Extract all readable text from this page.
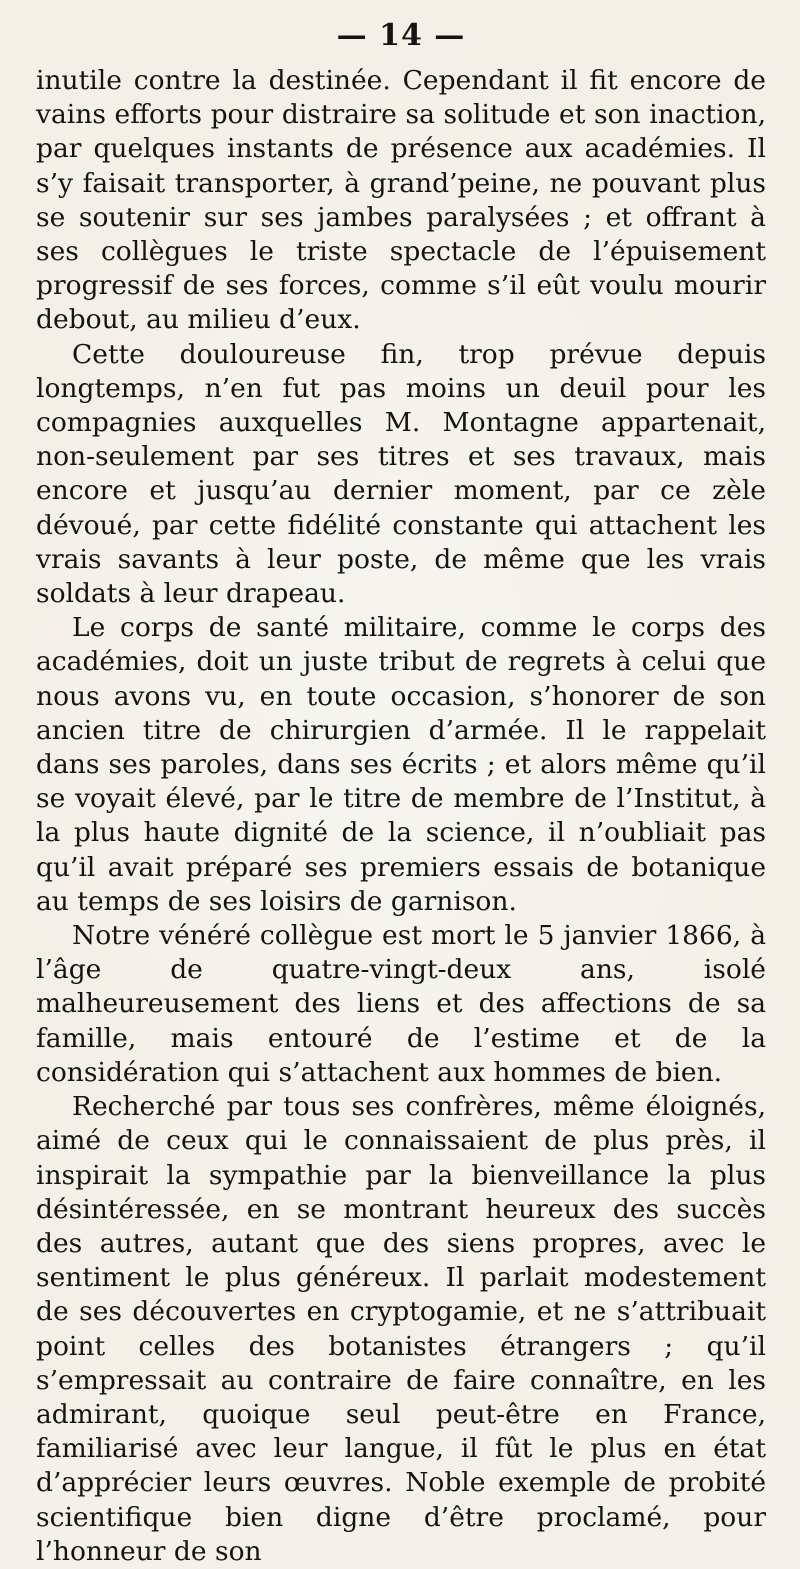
— 14 —

inutile contre la destinée. Cependant il fit encore de vains efforts pour distraire sa solitude et son inaction, par quelques instants de présence aux académies. Il s’y faisait transporter, à grand’peine, ne pouvant plus se soutenir sur ses jambes paralysées ; et offrant à ses collègues le triste spectacle de l’épuisement progressif de ses forces, comme s’il eût voulu mourir debout, au milieu d’eux.

Cette douloureuse fin, trop prévue depuis longtemps, n’en fut pas moins un deuil pour les compagnies auxquelles M. Montagne appartenait, non-seulement par ses titres et ses travaux, mais encore et jusqu’au dernier moment, par ce zèle dévoué, par cette fidélité constante qui attachent les vrais savants à leur poste, de même que les vrais soldats à leur drapeau.

Le corps de santé militaire, comme le corps des académies, doit un juste tribut de regrets à celui que nous avons vu, en toute occasion, s’honorer de son ancien titre de chirurgien d’armée. Il le rappelait dans ses paroles, dans ses écrits ; et alors même qu’il se voyait élevé, par le titre de membre de l’Institut, à la plus haute dignité de la science, il n’oubliait pas qu’il avait préparé ses premiers essais de botanique au temps de ses loisirs de garnison.

Notre vénéré collègue est mort le 5 janvier 1866, à l’âge de quatre-vingt-deux ans, isolé malheureusement des liens et des affections de sa famille, mais entouré de l’estime et de la considération qui s’attachent aux hommes de bien.

Recherché par tous ses confrères, même éloignés, aimé de ceux qui le connaissaient de plus près, il inspirait la sympathie par la bienveillance la plus désintéressée, en se montrant heureux des succès des autres, autant que des siens propres, avec le sentiment le plus généreux. Il parlait modestement de ses découvertes en cryptogamie, et ne s’attribuait point celles des botanistes étrangers ; qu’il s’empressait au contraire de faire connaître, en les admirant, quoique seul peut-être en France, familiarisé avec leur langue, il fût le plus en état d’apprécier leurs œuvres. Noble exemple de probité scientifique bien digne d’être proclamé, pour l’honneur de son
